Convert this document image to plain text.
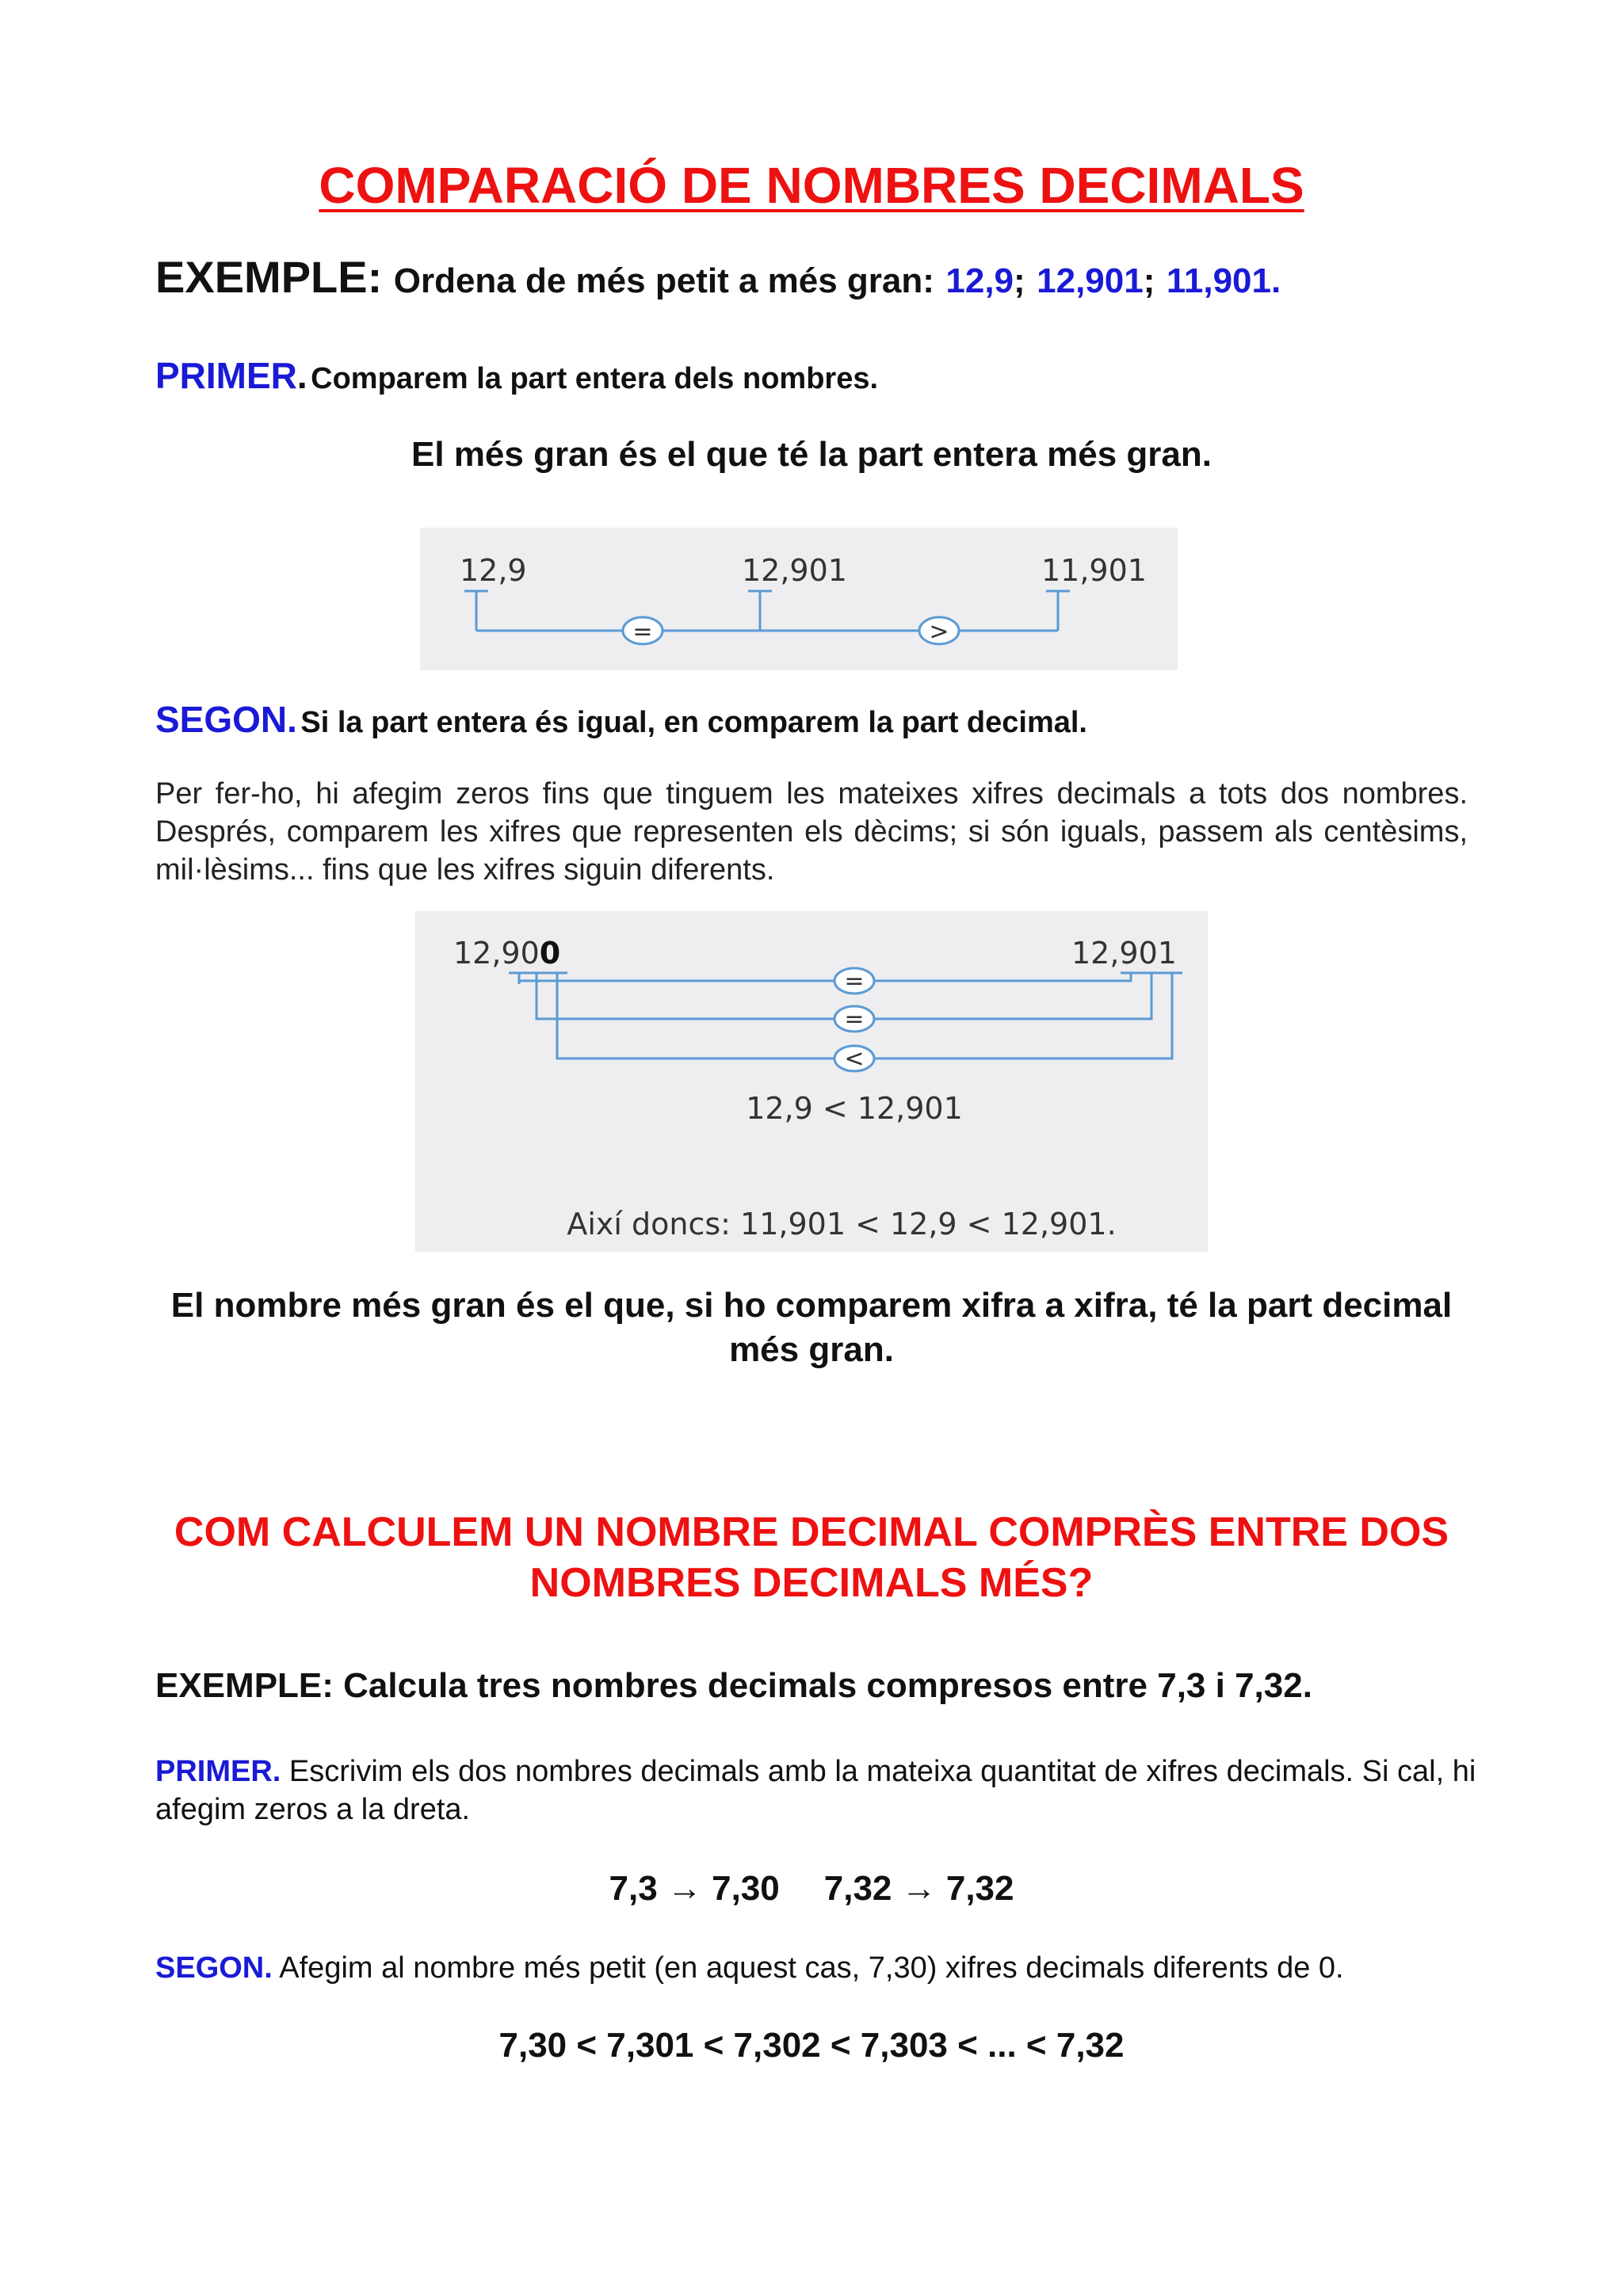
COMPARACIÓ DE NOMBRES DECIMALS
EXEMPLE: Ordena de més petit a més gran: 12,9; 12,901; 11,901.
PRIMER. Comparem la part entera dels nombres.
El més gran és el que té la part entera més gran.
12,9	12,901	11,901
=	>
SEGON. Si la part entera és igual, en comparem la part decimal.
Per fer-ho, hi afegim zeros fins que tinguem les mateixes xifres decimals a tots dos nombres. Després, comparem les xifres que representen els dècims; si són iguals, passem als centèsims, mil·lèsims... fins que les xifres siguin diferents.
12,900	12,901
=
=
<
12,9 < 12,901
Així doncs: 11,901 < 12,9 < 12,901.
El nombre més gran és el que, si ho comparem xifra a xifra, té la part decimal més gran.
COM CALCULEM UN NOMBRE DECIMAL COMPRÈS ENTRE DOS NOMBRES DECIMALS MÉS?
EXEMPLE: Calcula tres nombres decimals compresos entre 7,3 i 7,32.
PRIMER. Escrivim els dos nombres decimals amb la mateixa quantitat de xifres decimals. Si cal, hi afegim zeros a la dreta.
7,3 → 7,30 7,32 → 7,32
SEGON. Afegim al nombre més petit (en aquest cas, 7,30) xifres decimals diferents de 0.
7,30 < 7,301 < 7,302 < 7,303 < ... < 7,32
